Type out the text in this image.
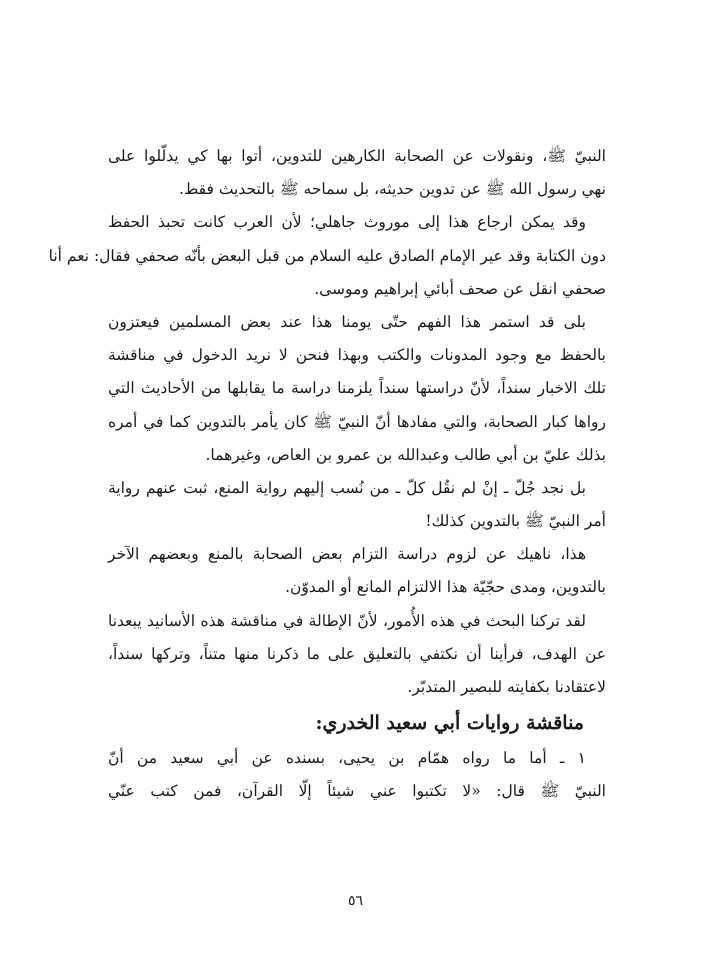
النبيّ ﷺ، ونقولات عن الصحابة الكارهين للتدوين، أتوا بها كي يدلّلوا على
نهي رسول الله ﷺ عن تدوين حديثه، بل سماحه ﷺ بالتحديث فقط.
وقد يمكن ارجاع هذا إلى موروث جاهلي؛ لأن العرب كانت تحبذ الحفظ
دون الكتابة وقد عير الإمام الصادق عليه السلام من قبل البعض بأنّه صحفي فقال: نعم أنا
صحفي انقل عن صحف أبائي إبراهيم وموسى.
بلى قد استمر هذا الفهم حتّى يومنا هذا عند بعض المسلمين فيعتزون
بالحفظ مع وجود المدونات والكتب وبهذا فنحن لا نريد الدخول في مناقشة
تلك الاخبار سنداً، لأنّ دراستها سنداً يلزمنا دراسة ما يقابلها من الأحاديث التي
رواها كبار الصحابة، والتي مفادها أنّ النبيّ ﷺ كان يأمر بالتدوين كما في أمره
بذلك عليّ بن أبي طالب وعبدالله بن عمرو بن العاص، وغيرهما.
بل نجد جُلّ ـ إنْ لم نقُل كلّ ـ من نُسب إليهم رواية المنع، ثبت عنهم رواية
أمر النبيّ ﷺ بالتدوين كذلك!
هذا، ناهيك عن لزوم دراسة التزام بعض الصحابة بالمنع وبعضهم الآخر
بالتدوين، ومدى حجّيّة هذا الالتزام المانع أو المدوّن.
لقد تركنا البحث في هذه الأُمور، لأنّ الإطالة في مناقشة هذه الأسانيد يبعدنا
عن الهدف، فرأينا أن نكتفي بالتعليق على ما ذكرنا منها متناً، وتركها سنداً،
لاعتقادنا بكفايته للبصير المتدبّر.
مناقشة روايات أبي سعيد الخدري:
١ ـ أما ما رواه همّام بن يحيى، بسنده عن أبي سعيد من أنّ
النبيّ ﷺ قال: «لا تكتبوا عني شيئاً إلّا القرآن، فمن كتب عنّي
٥٦
